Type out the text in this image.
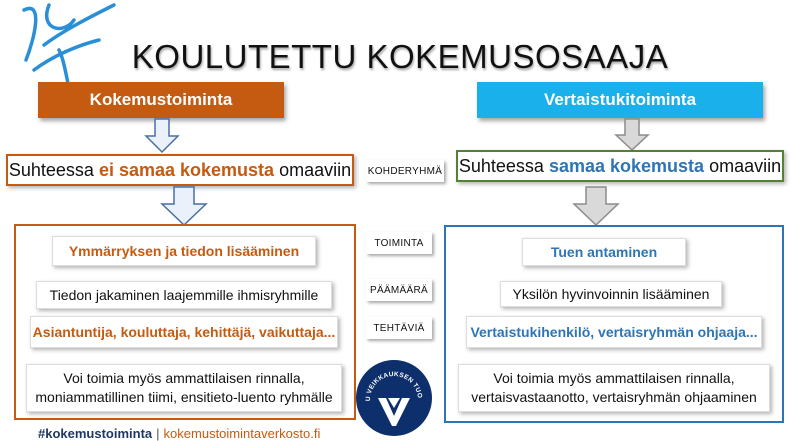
KOULUTETTU KOKEMUSOSAAJA
Kokemustoiminta	Vertaistukitoiminta
Suhteessa
ei samaa kokemusta
omaaviin	Suhteessa
samaa kokemusta
omaaviin
KOHDERYHMÄ
TOIMINTA
PÄÄMÄÄRÄ
TEHTÄVIÄ
Ymmärryksen ja tiedon lisääminen
Tiedon jakaminen laajemmille ihmisryhmille
Asiantuntija, kouluttaja, kehittäjä, vaikuttaja...
Voi toimia myös ammattilaisen rinnalla,
moniammatillinen tiimi, ensitieto-luento ryhmälle
Tuen antaminen
Yksilön hyvinvoinnin lisääminen
Vertaistukihenkilö, vertaisryhmän ohjaaja...
Voi toimia myös ammattilaisen rinnalla,
vertaisvastaanotto, vertaisryhmän ohjaaminen
U VEIKKAUKSEN TUO
#kokemustoiminta | kokemustoimintaverkosto.fi
